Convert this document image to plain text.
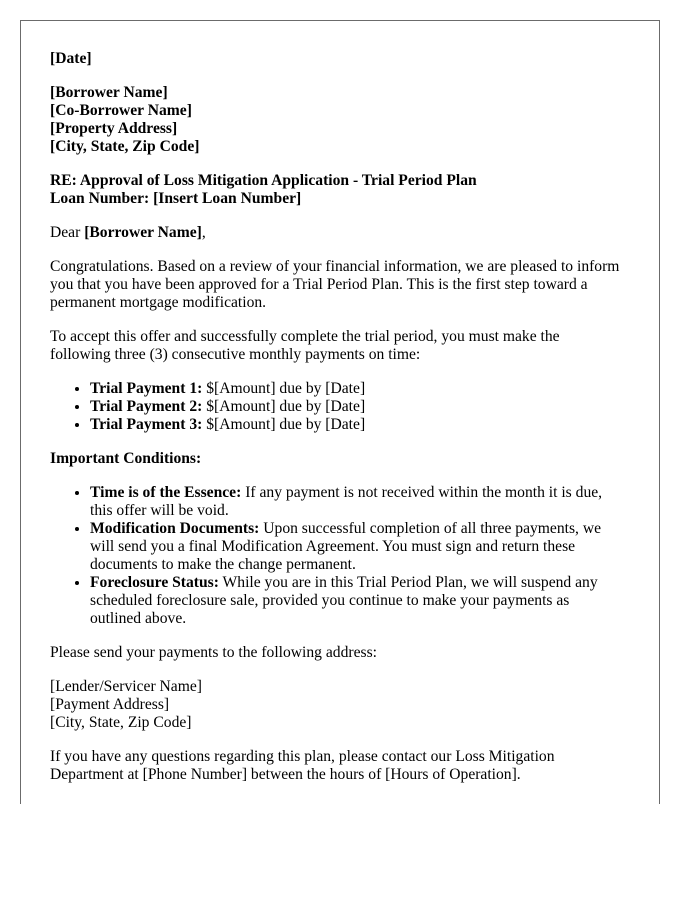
[Date]

[Borrower Name]
[Co-Borrower Name]
[Property Address]
[City, State, Zip Code]

RE: Approval of Loss Mitigation Application - Trial Period Plan
Loan Number: [Insert Loan Number]

Dear [Borrower Name],

Congratulations. Based on a review of your financial information, we are pleased to inform you that you have been approved for a Trial Period Plan. This is the first step toward a permanent mortgage modification.

To accept this offer and successfully complete the trial period, you must make the following three (3) consecutive monthly payments on time:

• Trial Payment 1: $[Amount] due by [Date]
• Trial Payment 2: $[Amount] due by [Date]
• Trial Payment 3: $[Amount] due by [Date]

Important Conditions:

• Time is of the Essence: If any payment is not received within the month it is due, this offer will be void.
• Modification Documents: Upon successful completion of all three payments, we will send you a final Modification Agreement. You must sign and return these documents to make the change permanent.
• Foreclosure Status: While you are in this Trial Period Plan, we will suspend any scheduled foreclosure sale, provided you continue to make your payments as outlined above.

Please send your payments to the following address:

[Lender/Servicer Name]
[Payment Address]
[City, State, Zip Code]

If you have any questions regarding this plan, please contact our Loss Mitigation Department at [Phone Number] between the hours of [Hours of Operation].
